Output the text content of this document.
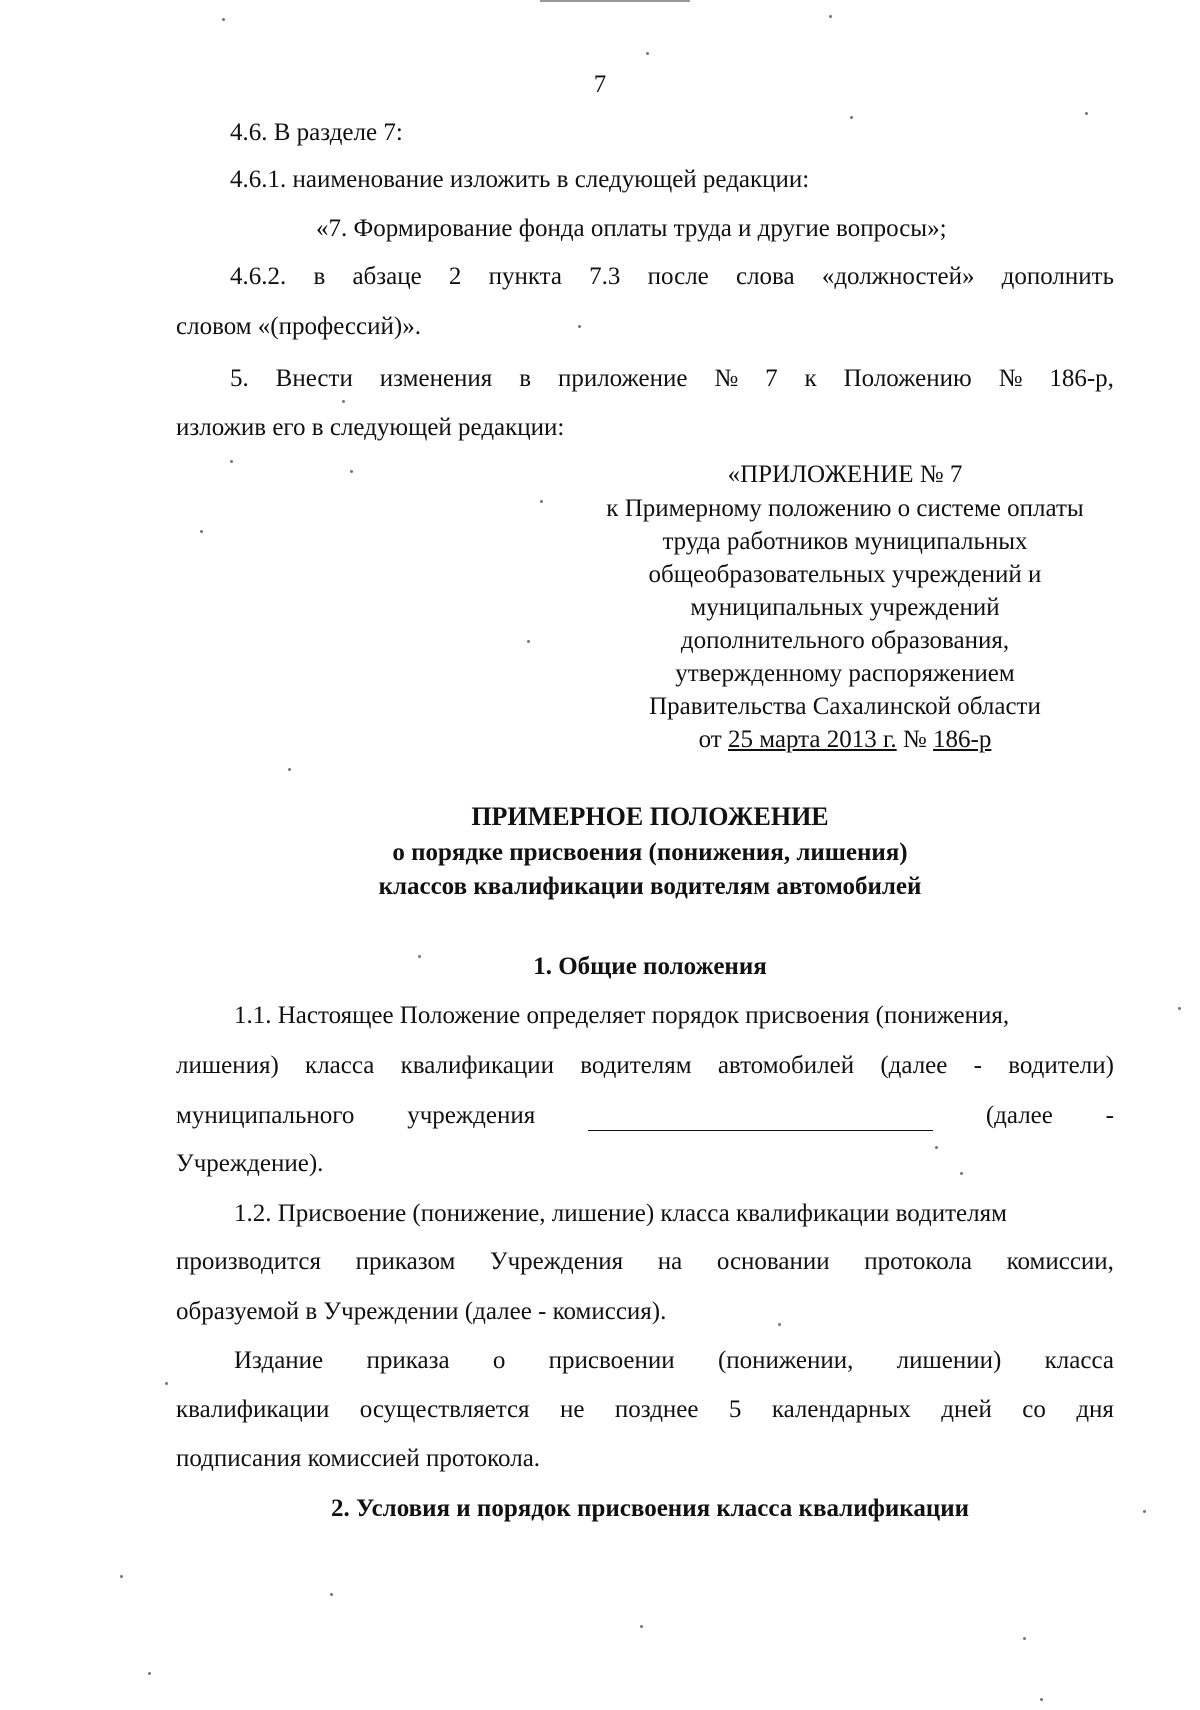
7
4.6. В разделе 7:
4.6.1. наименование изложить в следующей редакции:
«7. Формирование фонда оплаты труда и другие вопросы»;
4.6.2. в абзаце 2 пункта 7.3 после слова «должностей» дополнить
словом «(профессий)».
5. Внести изменения в приложение № 7 к Положению № 186-р,
изложив его в следующей редакции:
«ПРИЛОЖЕНИЕ № 7
к Примерному положению о системе оплаты
труда работников муниципальных
общеобразовательных учреждений и
муниципальных учреждений
дополнительного образования,
утвержденному распоряжением
Правительства Сахалинской области
от 25 марта 2013 г. № 186-р
ПРИМЕРНОЕ ПОЛОЖЕНИЕ
о порядке присвоения (понижения, лишения)
классов квалификации водителям автомобилей
1. Общие положения
1.1. Настоящее Положение определяет порядок присвоения (понижения,
лишения) класса квалификации водителям автомобилей (далее - водители)
муниципального учреждения	(далее -
Учреждение).
1.2. Присвоение (понижение, лишение) класса квалификации водителям
производится приказом Учреждения на основании протокола комиссии,
образуемой в Учреждении (далее - комиссия).
Издание приказа о присвоении (понижении, лишении) класса
квалификации осуществляется не позднее 5 календарных дней со дня
подписания комиссией протокола.
2. Условия и порядок присвоения класса квалификации
